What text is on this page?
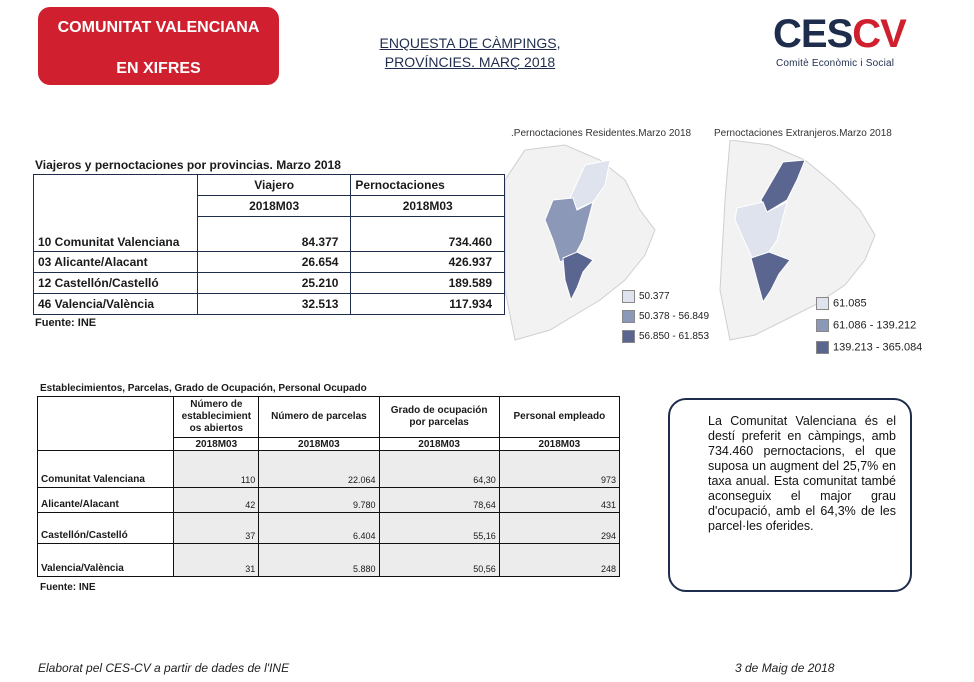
COMUNITAT VALENCIANA
EN XIFRES
ENQUESTA DE CÀMPINGS,
PROVÍNCIES. MARÇ 2018
CESCV
Comitè Econòmic i Social
Viajeros y pernoctaciones por provincias. Marzo 2018
	Viajero	Pernoctaciones
	2018M03	2018M03
10 Comunitat Valenciana	84.377	734.460
03 Alicante/Alacant	26.654	426.937
12 Castellón/Castelló	25.210	189.589
46 Valencia/València	32.513	117.934
Fuente: INE
.Pernoctaciones Residentes.Marzo 2018 Pernoctaciones Extranjeros.Marzo 2018
50.377
50.378 - 56.849
56.850 - 61.853
61.085
61.086 - 139.212
139.213 - 365.084
Establecimientos, Parcelas, Grado de Ocupación, Personal Ocupado

	Número de
establecimient
os abiertos	Número de parcelas	Grado de ocupación por parcelas	Personal empleado
	2018M03	2018M03	2018M03	2018M03
Comunitat Valenciana	110	22.064	64,30	973
Alicante/Alacant	42	9.780	78,64	431
Castellón/Castelló	37	6.404	55,16	294
Valencia/València	31	5.880	50,56	248
Fuente: INE

La Comunitat Valenciana és el destí preferit en càmpings, amb 734.460 pernoctacions, el que suposa un augment del 25,7% en taxa anual. Esta comunitat també aconseguix el major grau d'ocupació, amb el 64,3% de les parcel·les oferides.

Elaborat pel CES-CV a partir de dades de l'INE	3 de Maig de 2018
